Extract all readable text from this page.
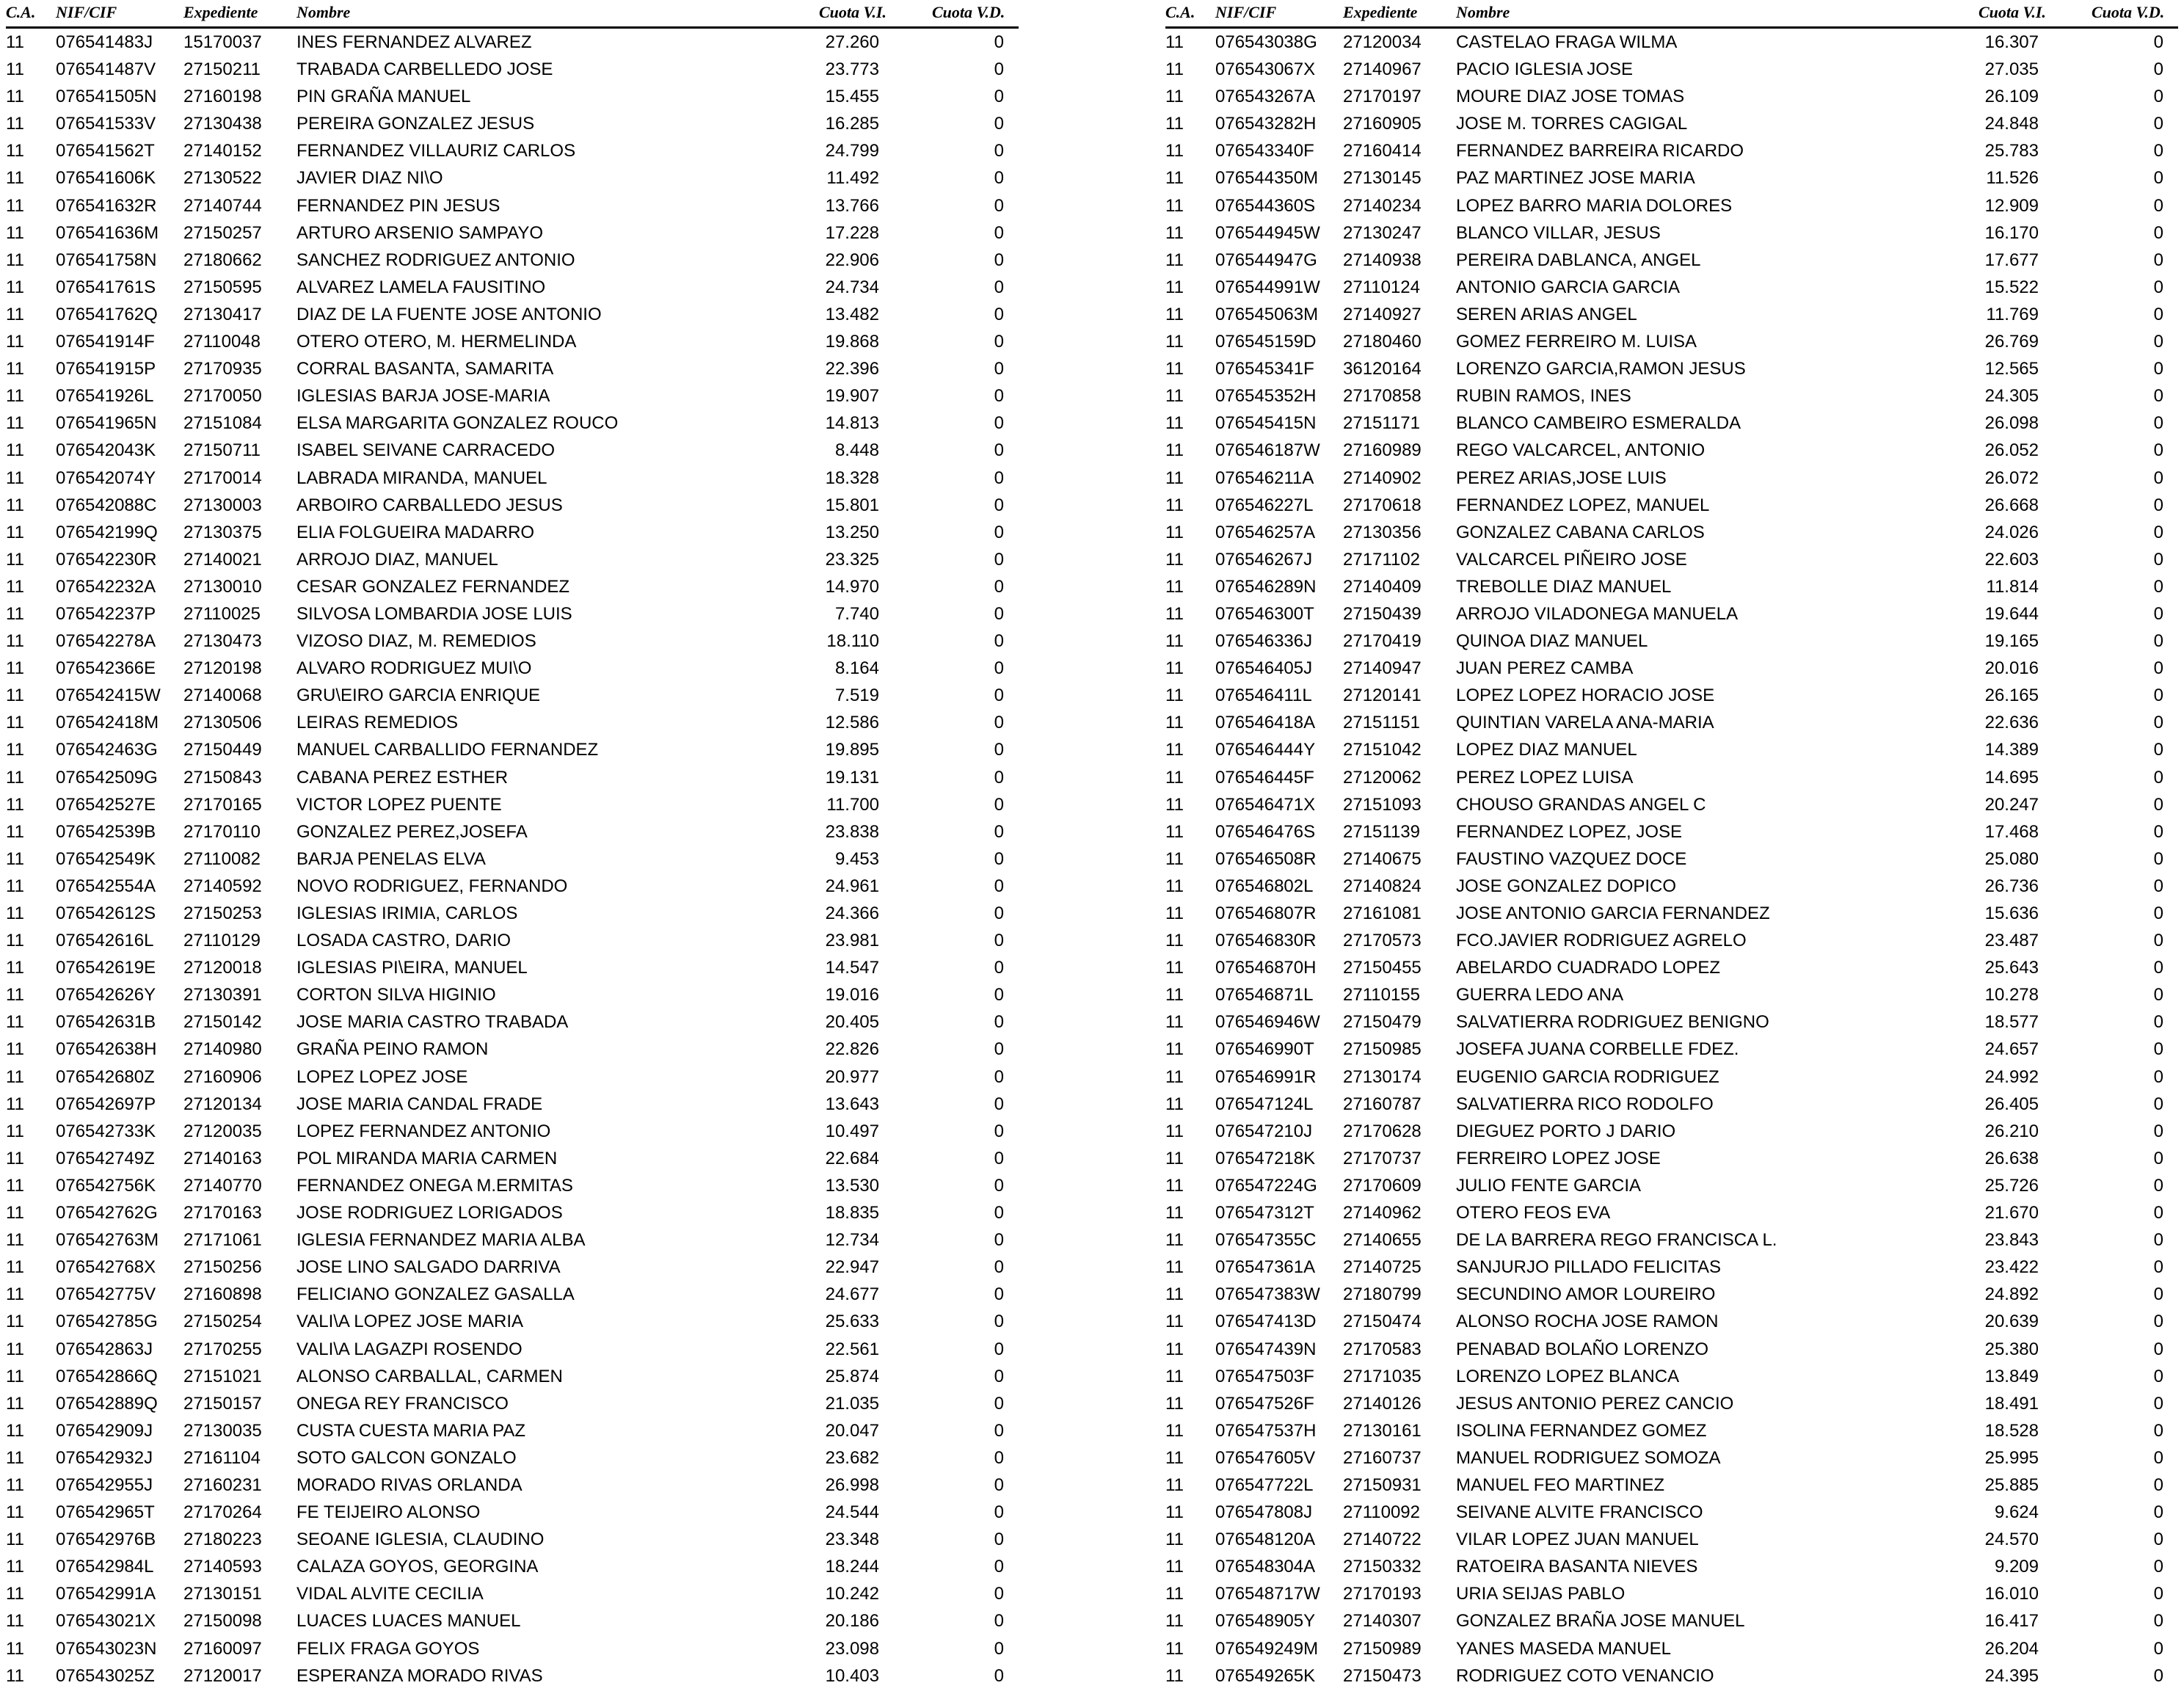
C.A. NIF/CIF	Expediente Nombre	Cuota V.I.	Cuota V.D.
11 076541483J 15170037 INES FERNANDEZ ALVAREZ	27.260	0
11 076541487V 27150211 TRABADA CARBELLEDO JOSE	23.773	0
11 076541505N 27160198 PIN GRAÑA MANUEL	15.455	0
11 076541533V 27130438 PEREIRA GONZALEZ JESUS	16.285	0
11 076541562T 27140152 FERNANDEZ VILLAURIZ CARLOS	24.799	0
11 076541606K 27130522 JAVIER DIAZ NI\O	11.492	0
11 076541632R 27140744 FERNANDEZ PIN JESUS	13.766	0
11 076541636M 27150257 ARTURO ARSENIO SAMPAYO	17.228	0
11 076541758N 27180662 SANCHEZ RODRIGUEZ ANTONIO	22.906	0
11 076541761S 27150595 ALVAREZ LAMELA FAUSITINO	24.734	0
11 076541762Q 27130417 DIAZ DE LA FUENTE JOSE ANTONIO	13.482	0
11 076541914F 27110048 OTERO OTERO, M. HERMELINDA	19.868	0
11 076541915P 27170935 CORRAL BASANTA, SAMARITA	22.396	0
11 076541926L 27170050 IGLESIAS BARJA JOSE-MARIA	19.907	0
11 076541965N 27151084 ELSA MARGARITA GONZALEZ ROUCO	14.813	0
11 076542043K 27150711 ISABEL SEIVANE CARRACEDO	8.448	0
11 076542074Y 27170014 LABRADA MIRANDA, MANUEL	18.328	0
11 076542088C 27130003 ARBOIRO CARBALLEDO JESUS	15.801	0
11 076542199Q 27130375 ELIA FOLGUEIRA MADARRO	13.250	0
11 076542230R 27140021 ARROJO DIAZ, MANUEL	23.325	0
11 076542232A 27130010 CESAR GONZALEZ FERNANDEZ	14.970	0
11 076542237P 27110025 SILVOSA LOMBARDIA JOSE LUIS	7.740	0
11 076542278A 27130473 VIZOSO DIAZ, M. REMEDIOS	18.110	0
11 076542366E 27120198 ALVARO RODRIGUEZ MUI\O	8.164	0
11 076542415W 27140068 GRU\EIRO GARCIA ENRIQUE	7.519	0
11 076542418M 27130506 LEIRAS REMEDIOS	12.586	0
11 076542463G 27150449 MANUEL CARBALLIDO FERNANDEZ	19.895	0
11 076542509G 27150843 CABANA PEREZ ESTHER	19.131	0
11 076542527E 27170165 VICTOR LOPEZ PUENTE	11.700	0
11 076542539B 27170110 GONZALEZ PEREZ,JOSEFA	23.838	0
11 076542549K 27110082 BARJA PENELAS ELVA	9.453	0
11 076542554A 27140592 NOVO RODRIGUEZ, FERNANDO	24.961	0
11 076542612S 27150253 IGLESIAS IRIMIA, CARLOS	24.366	0
11 076542616L 27110129 LOSADA CASTRO, DARIO	23.981	0
11 076542619E 27120018 IGLESIAS PI\EIRA, MANUEL	14.547	0
11 076542626Y 27130391 CORTON SILVA HIGINIO	19.016	0
11 076542631B 27150142 JOSE MARIA CASTRO TRABADA	20.405	0
11 076542638H 27140980 GRAÑA PEINO RAMON	22.826	0
11 076542680Z 27160906 LOPEZ LOPEZ JOSE	20.977	0
11 076542697P 27120134 JOSE MARIA CANDAL FRADE	13.643	0
11 076542733K 27120035 LOPEZ FERNANDEZ ANTONIO	10.497	0
11 076542749Z 27140163 POL MIRANDA MARIA CARMEN	22.684	0
11 076542756K 27140770 FERNANDEZ ONEGA M.ERMITAS	13.530	0
11 076542762G 27170163 JOSE RODRIGUEZ LORIGADOS	18.835	0
11 076542763M 27171061 IGLESIA FERNANDEZ MARIA ALBA	12.734	0
11 076542768X 27150256 JOSE LINO SALGADO DARRIVA	22.947	0
11 076542775V 27160898 FELICIANO GONZALEZ GASALLA	24.677	0
11 076542785G 27150254 VALI\A LOPEZ JOSE MARIA	25.633	0
11 076542863J 27170255 VALI\A LAGAZPI ROSENDO	22.561	0
11 076542866Q 27151021 ALONSO CARBALLAL, CARMEN	25.874	0
11 076542889Q 27150157 ONEGA REY FRANCISCO	21.035	0
11 076542909J 27130035 CUSTA CUESTA MARIA PAZ	20.047	0
11 076542932J 27161104 SOTO GALCON GONZALO	23.682	0
11 076542955J 27160231 MORADO RIVAS ORLANDA	26.998	0
11 076542965T 27170264 FE TEIJEIRO ALONSO	24.544	0
11 076542976B 27180223 SEOANE IGLESIA, CLAUDINO	23.348	0
11 076542984L 27140593 CALAZA GOYOS, GEORGINA	18.244	0
11 076542991A 27130151 VIDAL ALVITE CECILIA	10.242	0
11 076543021X 27150098 LUACES LUACES MANUEL	20.186	0
11 076543023N 27160097 FELIX FRAGA GOYOS	23.098	0
11 076543025Z 27120017 ESPERANZA MORADO RIVAS	10.403	0
C.A. NIF/CIF	Expediente Nombre	Cuota V.I.	Cuota V.D.
11 076543038G 27120034 CASTELAO FRAGA WILMA	16.307	0
11 076543067X 27140967 PACIO IGLESIA JOSE	27.035	0
11 076543267A 27170197 MOURE DIAZ JOSE TOMAS	26.109	0
11 076543282H 27160905 JOSE M. TORRES CAGIGAL	24.848	0
11 076543340F 27160414 FERNANDEZ BARREIRA RICARDO	25.783	0
11 076544350M 27130145 PAZ MARTINEZ JOSE MARIA	11.526	0
11 076544360S 27140234 LOPEZ BARRO MARIA DOLORES	12.909	0
11 076544945W 27130247 BLANCO VILLAR, JESUS	16.170	0
11 076544947G 27140938 PEREIRA DABLANCA, ANGEL	17.677	0
11 076544991W 27110124 ANTONIO GARCIA GARCIA	15.522	0
11 076545063M 27140927 SEREN ARIAS ANGEL	11.769	0
11 076545159D 27180460 GOMEZ FERREIRO M. LUISA	26.769	0
11 076545341F 36120164 LORENZO GARCIA,RAMON JESUS	12.565	0
11 076545352H 27170858 RUBIN RAMOS, INES	24.305	0
11 076545415N 27151171 BLANCO CAMBEIRO ESMERALDA	26.098	0
11 076546187W 27160989 REGO VALCARCEL, ANTONIO	26.052	0
11 076546211A 27140902 PEREZ ARIAS,JOSE LUIS	26.072	0
11 076546227L 27170618 FERNANDEZ LOPEZ, MANUEL	26.668	0
11 076546257A 27130356 GONZALEZ CABANA CARLOS	24.026	0
11 076546267J 27171102 VALCARCEL PIÑEIRO JOSE	22.603	0
11 076546289N 27140409 TREBOLLE DIAZ MANUEL	11.814	0
11 076546300T 27150439 ARROJO VILADONEGA MANUELA	19.644	0
11 076546336J 27170419 QUINOA DIAZ MANUEL	19.165	0
11 076546405J 27140947 JUAN PEREZ CAMBA	20.016	0
11 076546411L 27120141 LOPEZ LOPEZ HORACIO JOSE	26.165	0
11 076546418A 27151151 QUINTIAN VARELA ANA-MARIA	22.636	0
11 076546444Y 27151042 LOPEZ DIAZ MANUEL	14.389	0
11 076546445F 27120062 PEREZ LOPEZ LUISA	14.695	0
11 076546471X 27151093 CHOUSO GRANDAS ANGEL C	20.247	0
11 076546476S 27151139 FERNANDEZ LOPEZ, JOSE	17.468	0
11 076546508R 27140675 FAUSTINO VAZQUEZ DOCE	25.080	0
11 076546802L 27140824 JOSE GONZALEZ DOPICO	26.736	0
11 076546807R 27161081 JOSE ANTONIO GARCIA FERNANDEZ	15.636	0
11 076546830R 27170573 FCO.JAVIER RODRIGUEZ AGRELO	23.487	0
11 076546870H 27150455 ABELARDO CUADRADO LOPEZ	25.643	0
11 076546871L 27110155 GUERRA LEDO ANA	10.278	0
11 076546946W 27150479 SALVATIERRA RODRIGUEZ BENIGNO	18.577	0
11 076546990T 27150985 JOSEFA JUANA CORBELLE FDEZ.	24.657	0
11 076546991R 27130174 EUGENIO GARCIA RODRIGUEZ	24.992	0
11 076547124L 27160787 SALVATIERRA RICO RODOLFO	26.405	0
11 076547210J 27170628 DIEGUEZ PORTO J DARIO	26.210	0
11 076547218K 27170737 FERREIRO LOPEZ JOSE	26.638	0
11 076547224G 27170609 JULIO FENTE GARCIA	25.726	0
11 076547312T 27140962 OTERO FEOS EVA	21.670	0
11 076547355C 27140655 DE LA BARRERA REGO FRANCISCA L.	23.843	0
11 076547361A 27140725 SANJURJO PILLADO FELICITAS	23.422	0
11 076547383W 27180799 SECUNDINO AMOR LOUREIRO	24.892	0
11 076547413D 27150474 ALONSO ROCHA JOSE RAMON	20.639	0
11 076547439N 27170583 PENABAD BOLAÑO LORENZO	25.380	0
11 076547503F 27171035 LORENZO LOPEZ BLANCA	13.849	0
11 076547526F 27140126 JESUS ANTONIO PEREZ CANCIO	18.491	0
11 076547537H 27130161 ISOLINA FERNANDEZ GOMEZ	18.528	0
11 076547605V 27160737 MANUEL RODRIGUEZ SOMOZA	25.995	0
11 076547722L 27150931 MANUEL FEO MARTINEZ	25.885	0
11 076547808J 27110092 SEIVANE ALVITE FRANCISCO	9.624	0
11 076548120A 27140722 VILAR LOPEZ JUAN MANUEL	24.570	0
11 076548304A 27150332 RATOEIRA BASANTA NIEVES	9.209	0
11 076548717W 27170193 URIA SEIJAS PABLO	16.010	0
11 076548905Y 27140307 GONZALEZ BRAÑA JOSE MANUEL	16.417	0
11 076549249M 27150989 YANES MASEDA MANUEL	26.204	0
11 076549265K 27150473 RODRIGUEZ COTO VENANCIO	24.395	0
